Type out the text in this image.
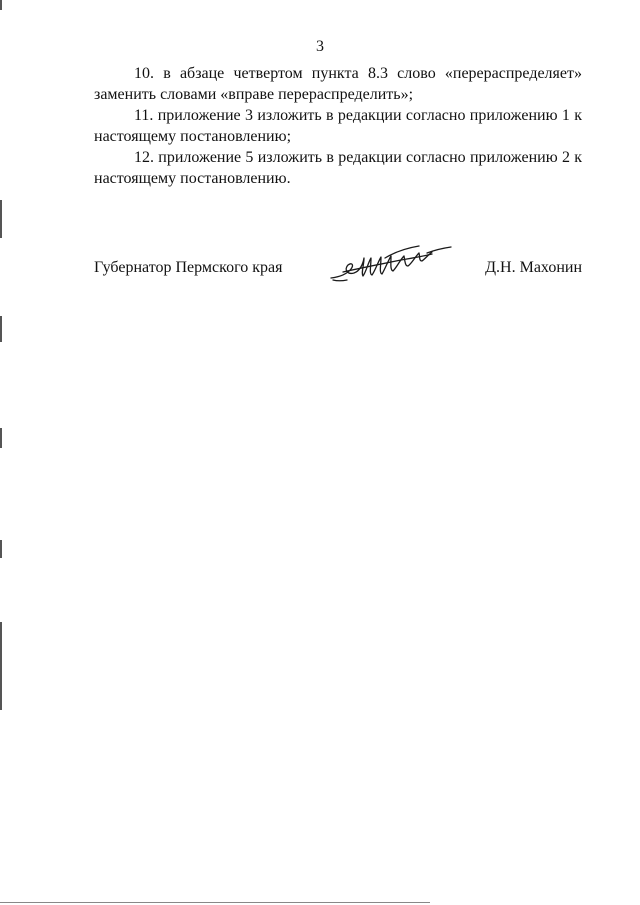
3

10. в абзаце четвертом пункта 8.3 слово «перераспределяет» заменить словами «вправе перераспределить»;

11. приложение 3 изложить в редакции согласно приложению 1 к настоящему постановлению;

12. приложение 5 изложить в редакции согласно приложению 2 к настоящему постановлению.

Губернатор Пермского края	Д.Н. Махонин
